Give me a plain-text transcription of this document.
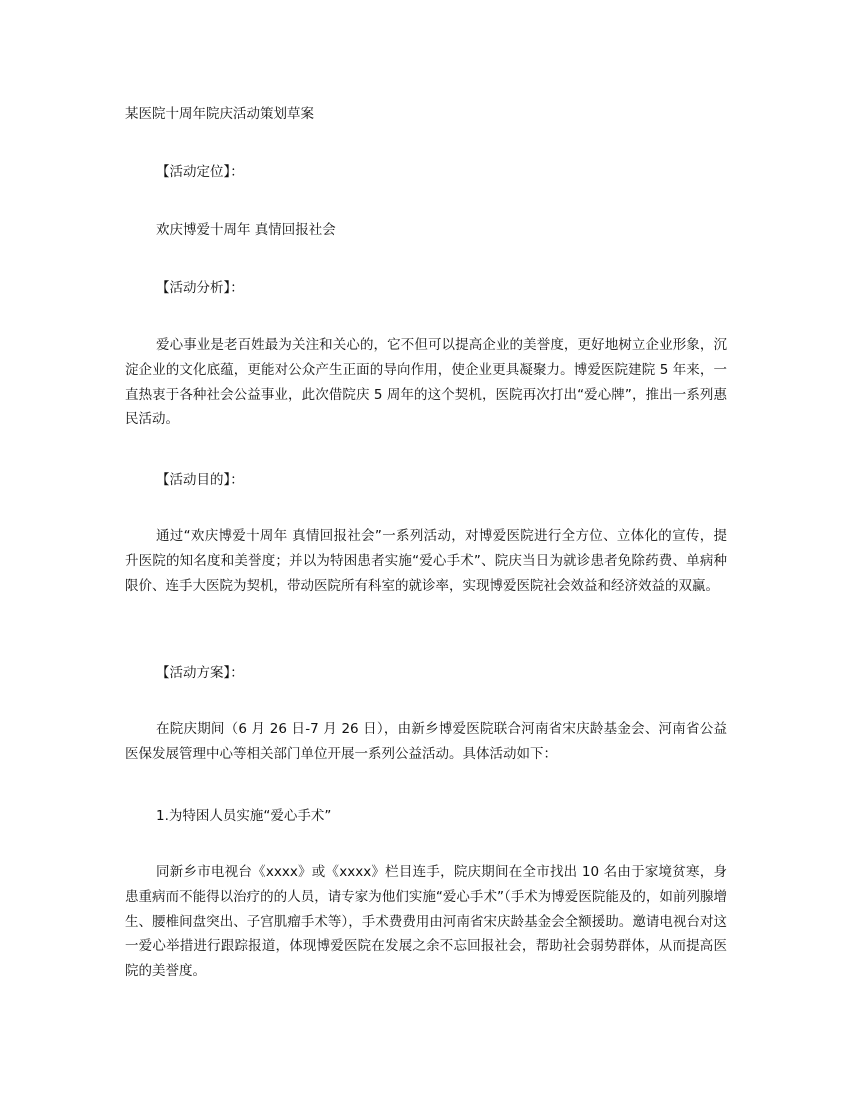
某医院十周年院庆活动策划草案
【活动定位】：
欢庆博爱十周年 真情回报社会
【活动分析】：
爱心事业是老百姓最为关注和关心的，它不但可以提高企业的美誉度，更好地树立企业形象，沉淀企业的文化底蕴，更能对公众产生正面的导向作用，使企业更具凝聚力。博爱医院建院 5 年来，一直热衷于各种社会公益事业，此次借院庆 5 周年的这个契机，医院再次打出“爱心牌”，推出一系列惠民活动。
【活动目的】：
通过“欢庆博爱十周年 真情回报社会”一系列活动，对博爱医院进行全方位、立体化的宣传，提升医院的知名度和美誉度；并以为特困患者实施“爱心手术”、院庆当日为就诊患者免除药费、单病种限价、连手大医院为契机，带动医院所有科室的就诊率，实现博爱医院社会效益和经济效益的双赢。
【活动方案】：
在院庆期间（6 月 26 日-7 月 26 日），由新乡博爱医院联合河南省宋庆龄基金会、河南省公益医保发展管理中心等相关部门单位开展一系列公益活动。具体活动如下：
1.为特困人员实施“爱心手术”
同新乡市电视台《xxxx》或《xxxx》栏目连手，院庆期间在全市找出 10 名由于家境贫寒，身患重病而不能得以治疗的的人员，请专家为他们实施“爱心手术”（手术为博爱医院能及的，如前列腺增生、腰椎间盘突出、子宫肌瘤手术等），手术费费用由河南省宋庆龄基金会全额援助。邀请电视台对这一爱心举措进行跟踪报道，体现博爱医院在发展之余不忘回报社会，帮助社会弱势群体，从而提高医院的美誉度。
